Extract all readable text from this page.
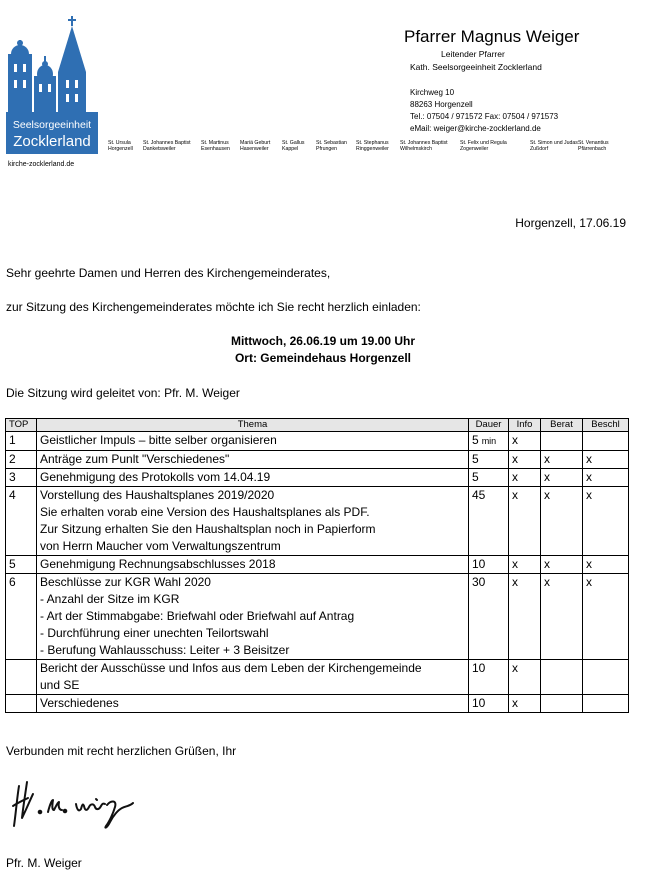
Seelsorgeeinheit
Zocklerland
kirche-zocklerland.de
St. Ursula
Horgenzell
St. Johannes Baptist
Danketsweiler
St. Martinus
Esenhausen
Mariä Geburt
Hasenweiler
St. Gallus
Kappel
St. Sebastian
Pfrungen
St. Stephanus
Ringgenweiler
St. Johannes Baptist
Wilhelmskirch
St. Felix und Regula
Zogenweiler
St. Simon und Judas
Zußdorf
St. Venantius
Pfärrenbach
Pfarrer Magnus Weiger
Leitender Pfarrer
Kath. Seelsorgeeinheit Zocklerland
Kirchweg 10
88263 Horgenzell
Tel.: 07504 / 971572 Fax: 07504 / 971573
eMail: weiger@kirche-zocklerland.de
Horgenzell, 17.06.19
Sehr geehrte Damen und Herren des Kirchengemeinderates,
zur Sitzung des Kirchengemeinderates möchte ich Sie recht herzlich einladen:
Mittwoch, 26.06.19 um 19.00 Uhr
Ort: Gemeindehaus Horgenzell
Die Sitzung wird geleitet von: Pfr. M. Weiger
TOP	Thema	Dauer	Info	Berat	Beschl
1	Geistlicher Impuls – bitte selber organisieren	5 min	x		
2	Anträge zum Punlt "Verschiedenes"	5	x	x	x
3	Genehmigung des Protokolls vom 14.04.19	5	x	x	x
4	Vorstellung des Haushaltsplanes 2019/2020
Sie erhalten vorab eine Version des Haushaltsplanes als PDF.
Zur Sitzung erhalten Sie den Haushaltsplan noch in Papierform
von Herrn Maucher vom Verwaltungszentrum	45	x	x	x
5	Genehmigung Rechnungsabschlusses 2018	10	x	x	x
6	Beschlüsse zur KGR Wahl 2020
- Anzahl der Sitze im KGR
- Art der Stimmabgabe: Briefwahl oder Briefwahl auf Antrag
- Durchführung einer unechten Teilortswahl
- Berufung Wahlausschuss: Leiter + 3 Beisitzer	30	x	x	x

	Bericht der Ausschüsse und Infos aus dem Leben der Kirchengemeinde
und SE	10	x		

	Verschiedenes	10	x		
Verbunden mit recht herzlichen Grüßen, Ihr
Pfr. M. Weiger
